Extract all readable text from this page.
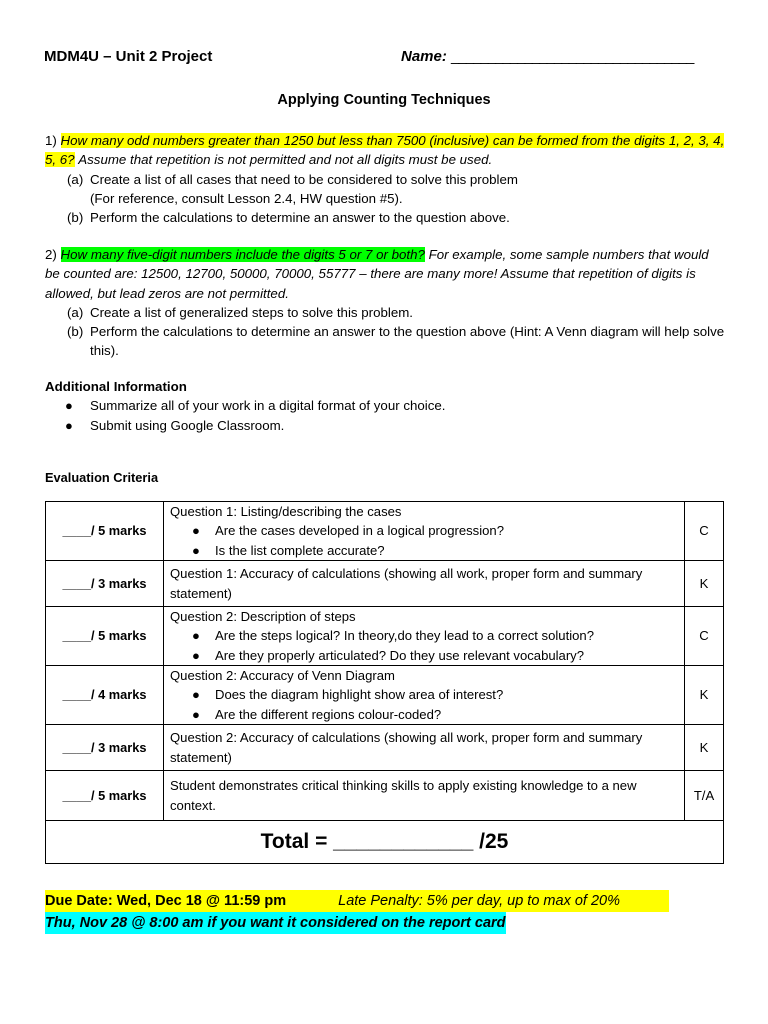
MDM4U – Unit 2 Project	Name: _________________________________
Applying Counting Techniques
1) How many odd numbers greater than 1250 but less than 7500 (inclusive) can be formed from the digits 1, 2, 3, 4, 5, 6? Assume that repetition is not permitted and not all digits must be used.
(a) Create a list of all cases that need to be considered to solve this problem
(For reference, consult Lesson 2.4, HW question #5).
(b) Perform the calculations to determine an answer to the question above.
2) How many five-digit numbers include the digits 5 or 7 or both? For example, some sample numbers that would be counted are: 12500, 12700, 50000, 70000, 55777 – there are many more! Assume that repetition of digits is allowed, but lead zeros are not permitted.
(a) Create a list of generalized steps to solve this problem.
(b) Perform the calculations to determine an answer to the question above (Hint: A Venn diagram will help solve this).
Additional Information
●	Summarize all of your work in a digital format of your choice.
●	Submit using Google Classroom.
Evaluation Criteria
____/ 5 marks	Question 1: Listing/describing the cases
● Are the cases developed in a logical progression?
● Is the list complete accurate?	C
____/ 3 marks	Question 1: Accuracy of calculations (showing all work, proper form and summary statement)	K
____/ 5 marks	Question 2: Description of steps
● Are the steps logical? In theory,do they lead to a correct solution?
● Are they properly articulated? Do they use relevant vocabulary?	C
____/ 4 marks	Question 2: Accuracy of Venn Diagram
● Does the diagram highlight show area of interest?
● Are the different regions colour-coded?	K
____/ 3 marks	Question 2: Accuracy of calculations (showing all work, proper form and summary statement)	K
____/ 5 marks	Student demonstrates critical thinking skills to apply existing knowledge to a new context.	T/A
Total = ____________ /25		
Due Date: Wed, Dec 18 @ 11:59 pm	Late Penalty: 5% per day, up to max of 20%
Thu, Nov 28 @ 8:00 am if you want it considered on the report card
